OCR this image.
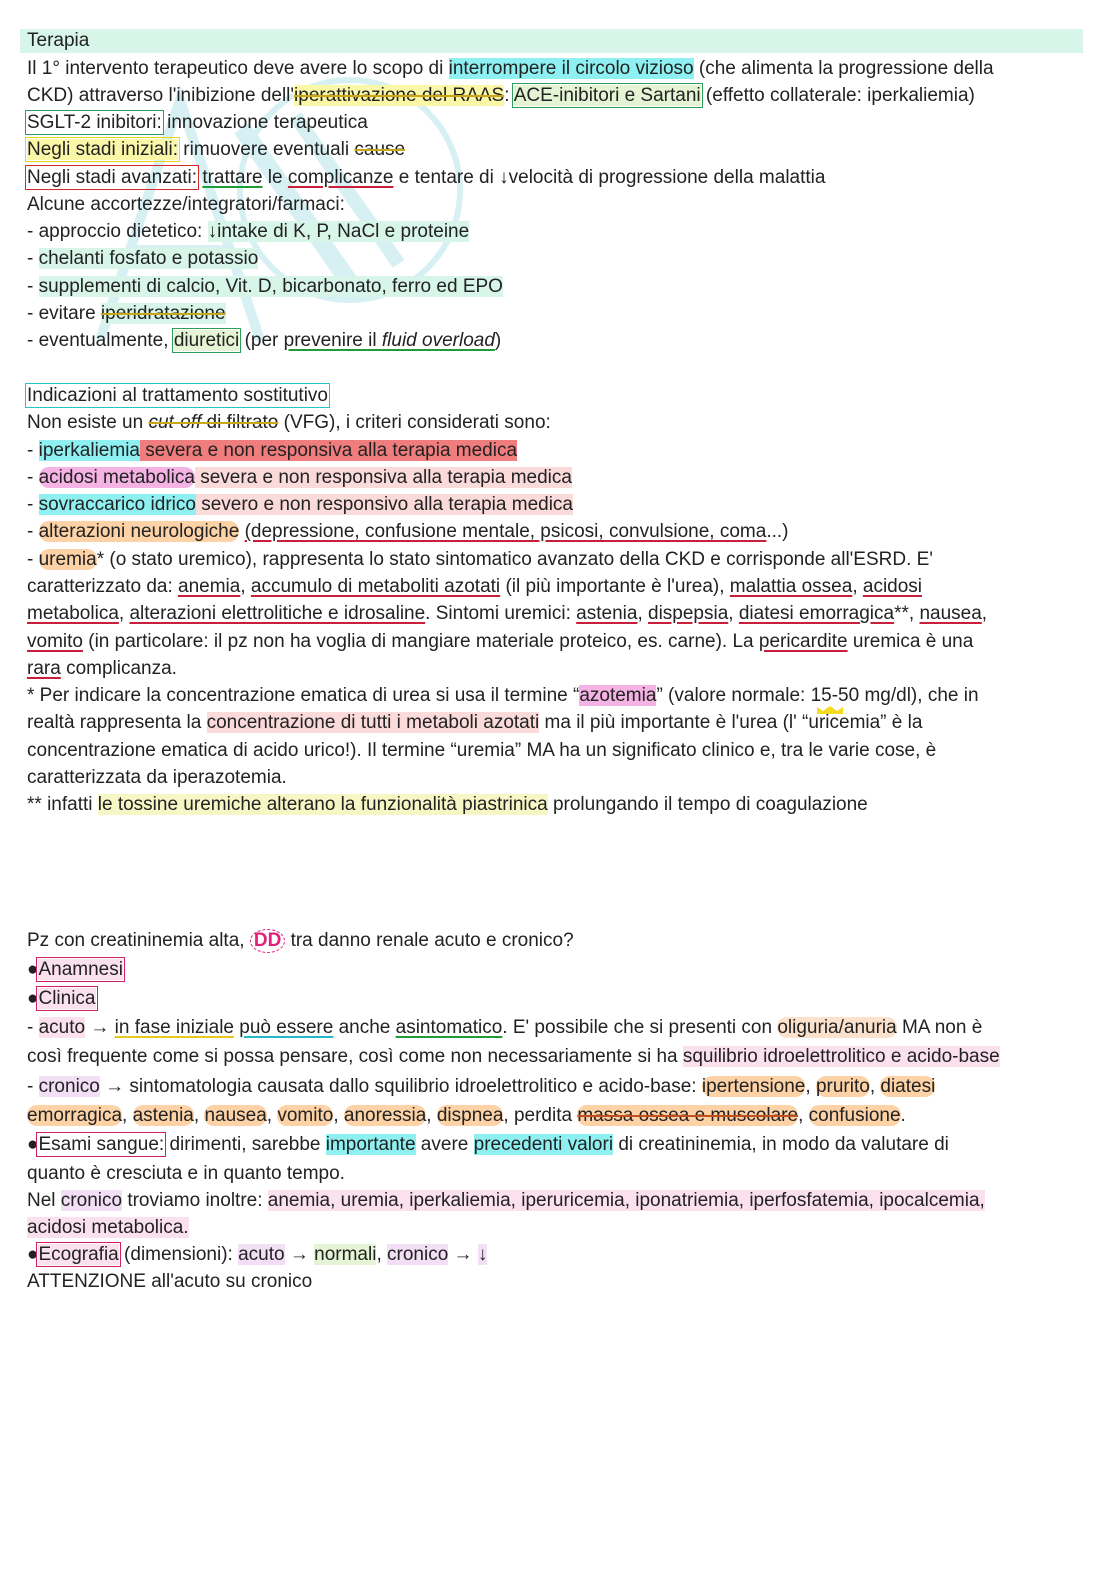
Terapia
Il 1° intervento terapeutico deve avere lo scopo di interrompere il circolo vizioso (che alimenta la progressione della
CKD) attraverso l'inibizione dell'iperattivazione del RAAS: ACE-inibitori e Sartani (effetto collaterale: iperkaliemia)
SGLT-2 inibitori: innovazione terapeutica
Negli stadi iniziali: rimuovere eventuali cause
Negli stadi avanzati: trattare le complicanze e tentare di ↓velocità di progressione della malattia
Alcune accortezze/integratori/farmaci:
- approccio dietetico: ↓intake di K, P, NaCl e proteine
- chelanti fosfato e potassio
- supplementi di calcio, Vit. D, bicarbonato, ferro ed EPO
- evitare iperidratazione
- eventualmente, diuretici (per prevenire il fluid overload)
Indicazioni al trattamento sostitutivo
Non esiste un cut-off di filtrato (VFG), i criteri considerati sono:
- iperkaliemia severa e non responsiva alla terapia medica
- acidosi metabolica severa e non responsiva alla terapia medica
- sovraccarico idrico severo e non responsivo alla terapia medica
- alterazioni neurologiche (depressione, confusione mentale, psicosi, convulsione, coma...)
- uremia* (o stato uremico), rappresenta lo stato sintomatico avanzato della CKD e corrisponde all'ESRD. E'
caratterizzato da: anemia, accumulo di metaboliti azotati (il più importante è l'urea), malattia ossea, acidosi
metabolica, alterazioni elettrolitiche e idrosaline. Sintomi uremici: astenia, dispepsia, diatesi emorragica**, nausea,
vomito (in particolare: il pz non ha voglia di mangiare materiale proteico, es. carne). La pericardite uremica è una
rara complicanza.
* Per indicare la concentrazione ematica di urea si usa il termine “azotemia” (valore normale: 15-50 mg/dl), che in
realtà rappresenta la concentrazione di tutti i metaboli azotati ma il più importante è l'urea (l' “uricemia” è la
concentrazione ematica di acido urico!). Il termine “uremia” MA ha un significato clinico e, tra le varie cose, è
caratterizzata da iperazotemia.
** infatti le tossine uremiche alterano la funzionalità piastrinica prolungando il tempo di coagulazione
Pz con creatininemia alta, DD tra danno renale acuto e cronico?
●Anamnesi
●Clinica
- acuto → in fase iniziale può essere anche asintomatico. E' possibile che si presenti con oliguria/anuria MA non è
così frequente come si possa pensare, così come non necessariamente si ha squilibrio idroelettrolitico e acido-base
- cronico → sintomatologia causata dallo squilibrio idroelettrolitico e acido-base: ipertensione, prurito, diatesi
emorragica, astenia, nausea, vomito, anoressia, dispnea, perdita massa ossea e muscolare, confusione.
●Esami sangue: dirimenti, sarebbe importante avere precedenti valori di creatininemia, in modo da valutare di
quanto è cresciuta e in quanto tempo.
Nel cronico troviamo inoltre: anemia, uremia, iperkaliemia, iperuricemia, iponatriemia, iperfosfatemia, ipocalcemia,
acidosi metabolica.
●Ecografia (dimensioni): acuto → normali, cronico → ↓
ATTENZIONE all'acuto su cronico
